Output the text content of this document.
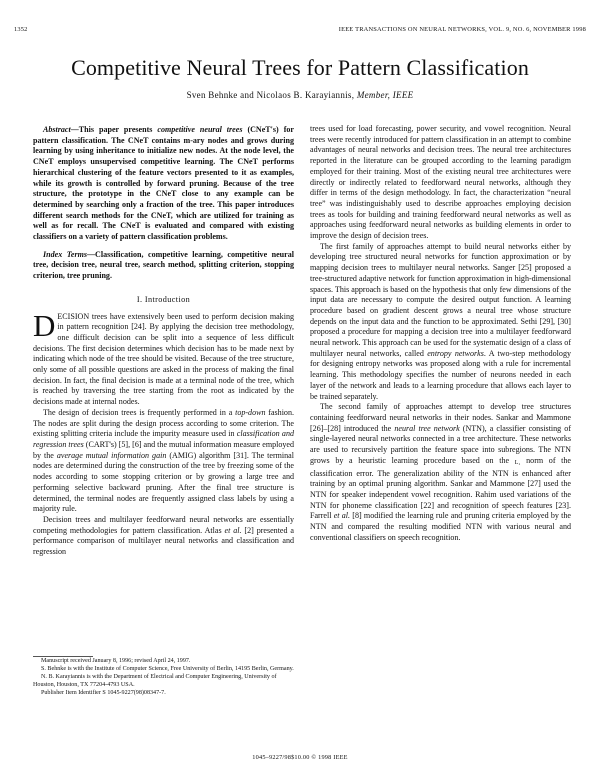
1352	IEEE TRANSACTIONS ON NEURAL NETWORKS, VOL. 9, NO. 6, NOVEMBER 1998
Competitive Neural Trees for Pattern Classification
Sven Behnke and Nicolaos B. Karayiannis, Member, IEEE

Abstract—This paper presents competitive neural trees (CNeT's) for pattern classification. The CNeT contains m-ary nodes and grows during learning by using inheritance to initialize new nodes. At the node level, the CNeT employs unsupervised competitive learning. The CNeT performs hierarchical clustering of the feature vectors presented to it as examples, while its growth is controlled by forward pruning. Because of the tree structure, the prototype in the CNeT close to any example can be determined by searching only a fraction of the tree. This paper introduces different search methods for the CNeT, which are utilized for training as well as for recall. The CNeT is evaluated and compared with existing classifiers on a variety of pattern classification problems.

Index Terms—Classification, competitive learning, competitive neural tree, decision tree, neural tree, search method, splitting criterion, stopping criterion, tree pruning.

I. Introduction

DECISION trees have extensively been used to perform decision making in pattern recognition [24]. By applying the decision tree methodology, one difficult decision can be split into a sequence of less difficult decisions. The first decision determines which decision has to be made next by indicating which node of the tree should be visited. Because of the tree structure, only some of all possible questions are asked in the process of making the final decision. In fact, the final decision is made at a terminal node of the tree, which is reached by traversing the tree starting from the root as indicated by the decisions made at internal nodes.

The design of decision trees is frequently performed in a top-down fashion. The nodes are split during the design process according to some criterion. The existing splitting criteria include the impurity measure used in classification and regression trees (CART's) [5], [6] and the mutual information measure employed by the average mutual information gain (AMIG) algorithm [31]. The terminal nodes are determined during the construction of the tree by freezing some of the nodes according to some stopping criterion or by growing a large tree and performing selective backward pruning. After the final tree structure is determined, the terminal nodes are frequently assigned class labels by using a majority rule.

Decision trees and multilayer feedforward neural networks are essentially competing methodologies for pattern classification. Atlas et al. [2] presented a performance comparison of multilayer neural networks and classification and regression

Manuscript received January 8, 1996; revised April 24, 1997.

S. Behnke is with the Institute of Computer Science, Free University of Berlin, 14195 Berlin, Germany.

N. B. Karayiannis is with the Department of Electrical and Computer Engineering, University of Houston, Houston, TX 77204-4793 USA.

Publisher Item Identifier S 1045-9227(98)08347-7.

trees used for load forecasting, power security, and vowel recognition. Neural trees were recently introduced for pattern classification in an attempt to combine advantages of neural networks and decision trees. The neural tree architectures reported in the literature can be grouped according to the learning paradigm employed for their training. Most of the existing neural tree architectures were directly or indirectly related to feedforward neural networks, although they differ in terms of the design methodology. In fact, the characterization “neural tree” was indistinguishably used to describe approaches employing decision trees as tools for building and training feedforward neural networks as well as approaches using feedforward neural networks as building elements in order to improve the design of decision trees.

The first family of approaches attempt to build neural networks either by developing tree structured neural networks for function approximation or by mapping decision trees to multilayer neural networks. Sanger [25] proposed a tree-structured adaptive network for function approximation in high-dimensional spaces. This approach is based on the hypothesis that only few dimensions of the input data are necessary to compute the desired output function. A learning procedure based on gradient descent grows a neural tree whose structure depends on the input data and the function to be approximated. Sethi [29], [30] proposed a procedure for mapping a decision tree into a multilayer feedforward neural network. This approach can be used for the systematic design of a class of multilayer neural networks, called entropy networks. A two-step methodology for designing entropy networks was proposed along with a rule for incremental learning. This methodology specifies the number of neurons needed in each layer of the network and leads to a learning procedure that allows each layer to be trained separately.

The second family of approaches attempt to develop tree structures containing feedforward neural networks in their nodes. Sankar and Mammone [26]–[28] introduced the neural tree network (NTN), a classifier consisting of single-layered neural networks connected in a tree architecture. These networks are used to recursively partition the feature space into subregions. The NTN grows by a heuristic learning procedure based on the L₁ norm of the classification error. The generalization ability of the NTN is enhanced after training by an optimal pruning algorithm. Sankar and Mammone [27] used the NTN for speaker independent vowel recognition. Rahim used variations of the NTN for phoneme classification [22] and recognition of speech features [23]. Farrell et al. [8] modified the learning rule and pruning criteria employed by the NTN and compared the resulting modified NTN with various neural and conventional classifiers on speech recognition.

1045–9227/98$10.00 © 1998 IEEE
